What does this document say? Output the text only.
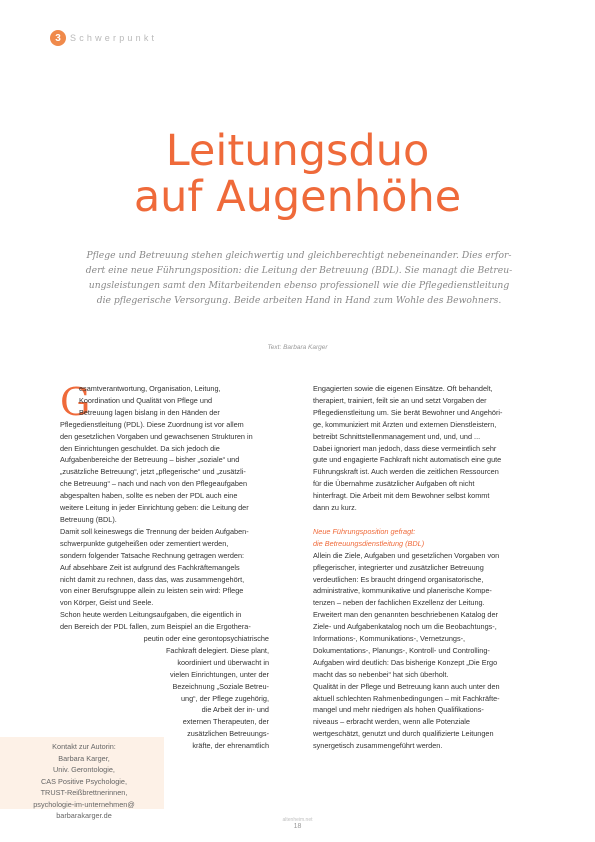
3	Schwerpunkt
Leitungsduo
auf Augenhöhe
Pflege und Betreuung stehen gleichwertig und gleichberechtigt nebeneinander. Dies erfor-
dert eine neue Führungsposition: die Leitung der Betreuung (BDL). Sie managt die Betreu-
ungsleistungen samt den Mitarbeitenden ebenso professionell wie die Pflegedienstleitung
die pflegerische Versorgung. Beide arbeiten Hand in Hand zum Wohle des Bewohners.
Text: Barbara Karger
G

esamtverantwortung, Organisation, Leitung,

Koordination und Qualität von Pflege und

Betreuung lagen bislang in den Händen der

Pflegedienstleitung (PDL). Diese Zuordnung ist vor allem

den gesetzlichen Vorgaben und gewachsenen Strukturen in

den Einrichtungen geschuldet. Da sich jedoch die

Aufgabenbereiche der Betreuung – bisher „soziale“ und

„zusätzliche Betreuung“, jetzt „pflegerische“ und „zusätzli-

che Betreuung“ – nach und nach von den Pflegeaufgaben

abgespalten haben, sollte es neben der PDL auch eine

weitere Leitung in jeder Einrichtung geben: die Leitung der

Betreuung (BDL).

Damit soll keineswegs die Trennung der beiden Aufgaben-

schwerpunkte gutgeheißen oder zementiert werden,

sondern folgender Tatsache Rechnung getragen werden:

Auf absehbare Zeit ist aufgrund des Fachkräftemangels

nicht damit zu rechnen, dass das, was zusammengehört,

von einer Berufsgruppe allein zu leisten sein wird: Pflege

von Körper, Geist und Seele.

Schon heute werden Leitungsaufgaben, die eigentlich in

den Bereich der PDL fallen, zum Beispiel an die Ergothera-

peutin oder eine gerontopsychiatrische

Fachkraft delegiert. Diese plant,

koordiniert und überwacht in

vielen Einrichtungen, unter der

Bezeichnung „Soziale Betreu-

ung“, der Pflege zugehörig,

die Arbeit der in- und

externen Therapeuten, der

zusätzlichen Betreuungs-

kräfte, der ehrenamtlich

Engagierten sowie die eigenen Einsätze. Oft behandelt,

therapiert, trainiert, feilt sie an und setzt Vorgaben der

Pflegedienstleitung um. Sie berät Bewohner und Angehöri-

ge, kommuniziert mit Ärzten und externen Dienstleistern,

betreibt Schnittstellenmanagement und, und, und ...

Dabei ignoriert man jedoch, dass diese vermeintlich sehr

gute und engagierte Fachkraft nicht automatisch eine gute

Führungskraft ist. Auch werden die zeitlichen Ressourcen

für die Übernahme zusätzlicher Aufgaben oft nicht

hinterfragt. Die Arbeit mit dem Bewohner selbst kommt

dann zu kurz.

Neue Führungsposition gefragt:

die Betreuungsdienstleitung (BDL)

Allein die Ziele, Aufgaben und gesetzlichen Vorgaben von

pflegerischer, integrierter und zusätzlicher Betreuung

verdeutlichen: Es braucht dringend organisatorische,

administrative, kommunikative und planerische Kompe-

tenzen – neben der fachlichen Exzellenz der Leitung.

Erweitert man den genannten beschriebenen Katalog der

Ziele- und Aufgabenkatalog noch um die Beobachtungs-,

Informations-, Kommunikations-, Vernetzungs-,

Dokumentations-, Planungs-, Kontroll- und Controlling-

Aufgaben wird deutlich: Das bisherige Konzept „Die Ergo

macht das so nebenbei“ hat sich überholt.

Qualität in der Pflege und Betreuung kann auch unter den

aktuell schlechten Rahmenbedingungen – mit Fachkräfte-

mangel und mehr niedrigen als hohen Qualifikations-

niveaus – erbracht werden, wenn alle Potenziale

wertgeschätzt, genutzt und durch qualifizierte Leitungen

synergetisch zusammengeführt werden.

Kontakt zur Autorin:

Barbara Karger,

Univ. Gerontologie,

CAS Positive Psychologie,

TRUST-Reißbrettnerinnen,

psychologie-im-unternehmen@

barbarakarger.de	altenheim.net
18
